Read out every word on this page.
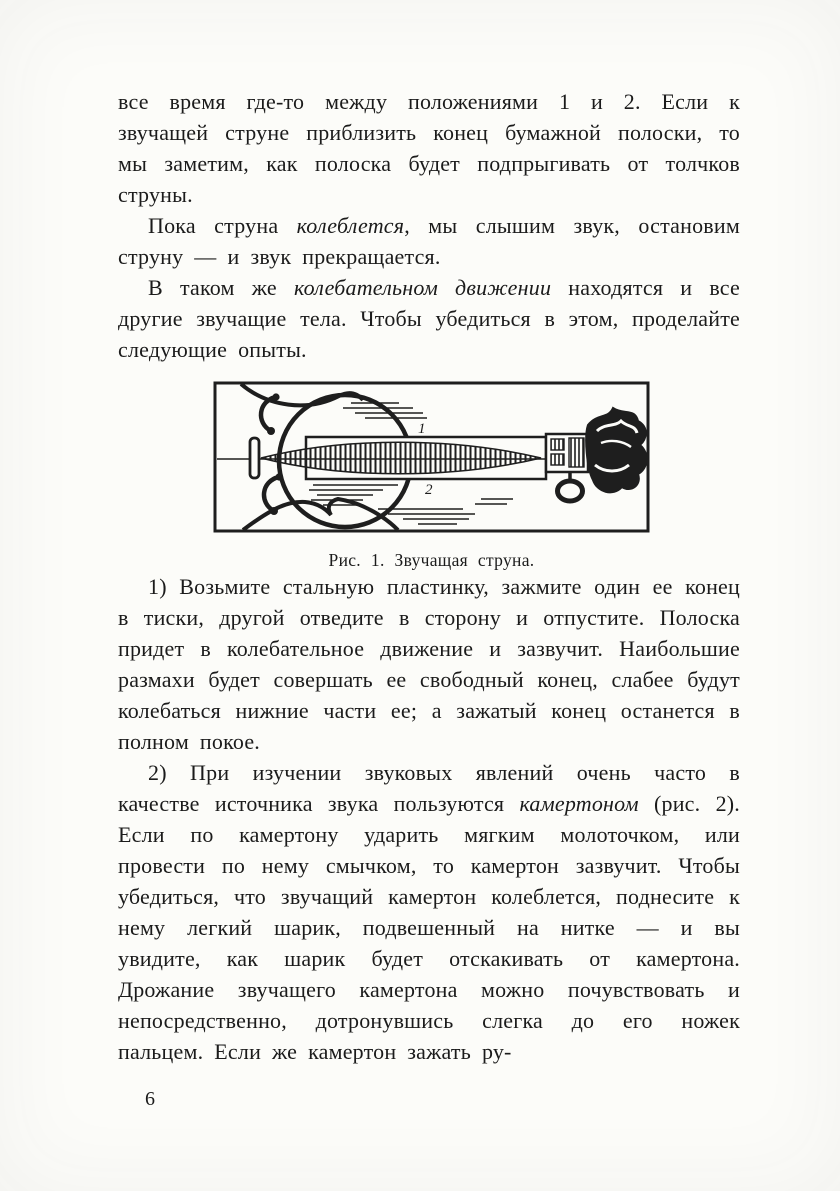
все время где-то между положениями 1 и 2. Если к звучащей струне приблизить конец бумажной полоски, то мы заметим, как полоска будет подпрыгивать от толчков струны.

Пока струна колеблется, мы слышим звук, остановим струну — и звук прекращается.

В таком же колебательном движении находятся и все другие звучащие тела. Чтобы убедиться в этом, проделайте следующие опыты.

1
2
Рис. 1. Звучащая струна.

1) Возьмите стальную пластинку, зажмите один ее конец в тиски, другой отведите в сторону и отпустите. Полоска придет в колебательное движение и зазвучит. Наибольшие размахи будет совершать ее свободный конец, слабее будут колебаться нижние части ее; а зажатый конец останется в полном покое.

2) При изучении звуковых явлений очень часто в качестве источника звука пользуются камертоном (рис. 2). Если по камертону ударить мягким молоточком, или провести по нему смычком, то камертон зазвучит. Чтобы убедиться, что звучащий камертон колеблется, поднесите к нему легкий шарик, подвешенный на нитке — и вы увидите, как шарик будет отскакивать от камертона. Дрожание звучащего камертона можно почувствовать и непосредственно, дотронувшись слегка до его ножек пальцем. Если же камертон зажать ру-

6
